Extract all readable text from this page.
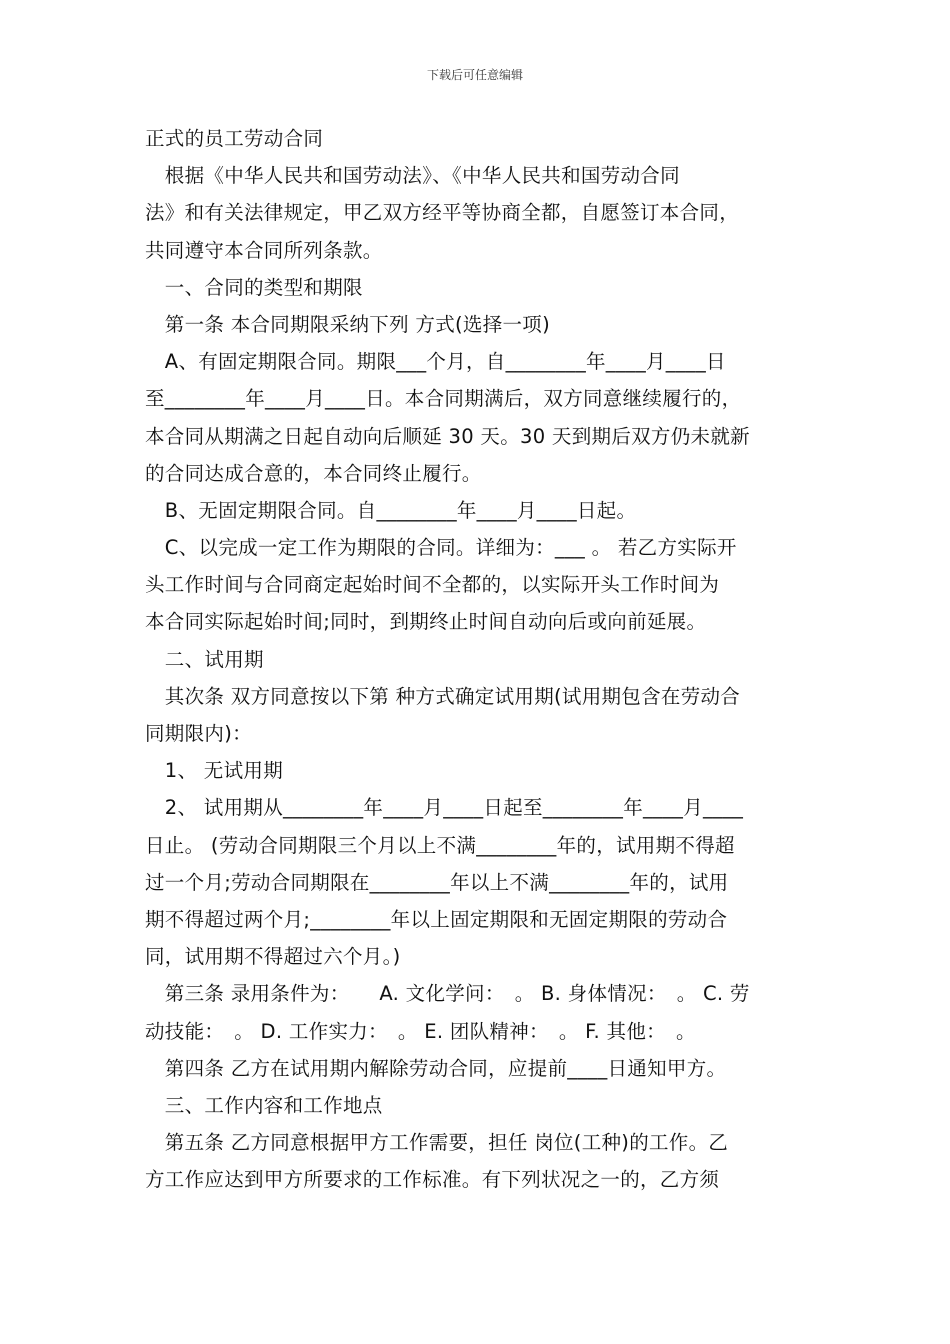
下载后可任意编辑
正式的员工劳动合同
　根据《中华人民共和国劳动法》、《中华人民共和国劳动合同
法》和有关法律规定，甲乙双方经平等协商全都，自愿签订本合同，
共同遵守本合同所列条款。
　一、合同的类型和期限
　第一条 本合同期限采纳下列 方式(选择一项)
　A、有固定期限合同。期限___个月，自________年____月____日
至________年____月____日。本合同期满后，双方同意继续履行的，
本合同从期满之日起自动向后顺延 30 天。30 天到期后双方仍未就新
的合同达成合意的，本合同终止履行。
　B、无固定期限合同。自________年____月____日起。
　C、以完成一定工作为期限的合同。详细为：___ 。 若乙方实际开
头工作时间与合同商定起始时间不全都的，以实际开头工作时间为
本合同实际起始时间;同时，到期终止时间自动向后或向前延展。
　二、试用期
　其次条 双方同意按以下第 种方式确定试用期(试用期包含在劳动合
同期限内)：
　1、 无试用期
　2、 试用期从________年____月____日起至________年____月____
日止。 (劳动合同期限三个月以上不满________年的，试用期不得超
过一个月;劳动合同期限在________年以上不满________年的，试用
期不得超过两个月;________年以上固定期限和无固定期限的劳动合
同，试用期不得超过六个月。)
　第三条 录用条件为：　　A. 文化学问：　。 B. 身体情况：　。 C. 劳
动技能：　。 D. 工作实力：　。 E. 团队精神：　。 F. 其他：　。
　第四条 乙方在试用期内解除劳动合同，应提前____日通知甲方。
　三、工作内容和工作地点
　第五条 乙方同意根据甲方工作需要，担任 岗位(工种)的工作。乙
方工作应达到甲方所要求的工作标准。有下列状况之一的，乙方须
